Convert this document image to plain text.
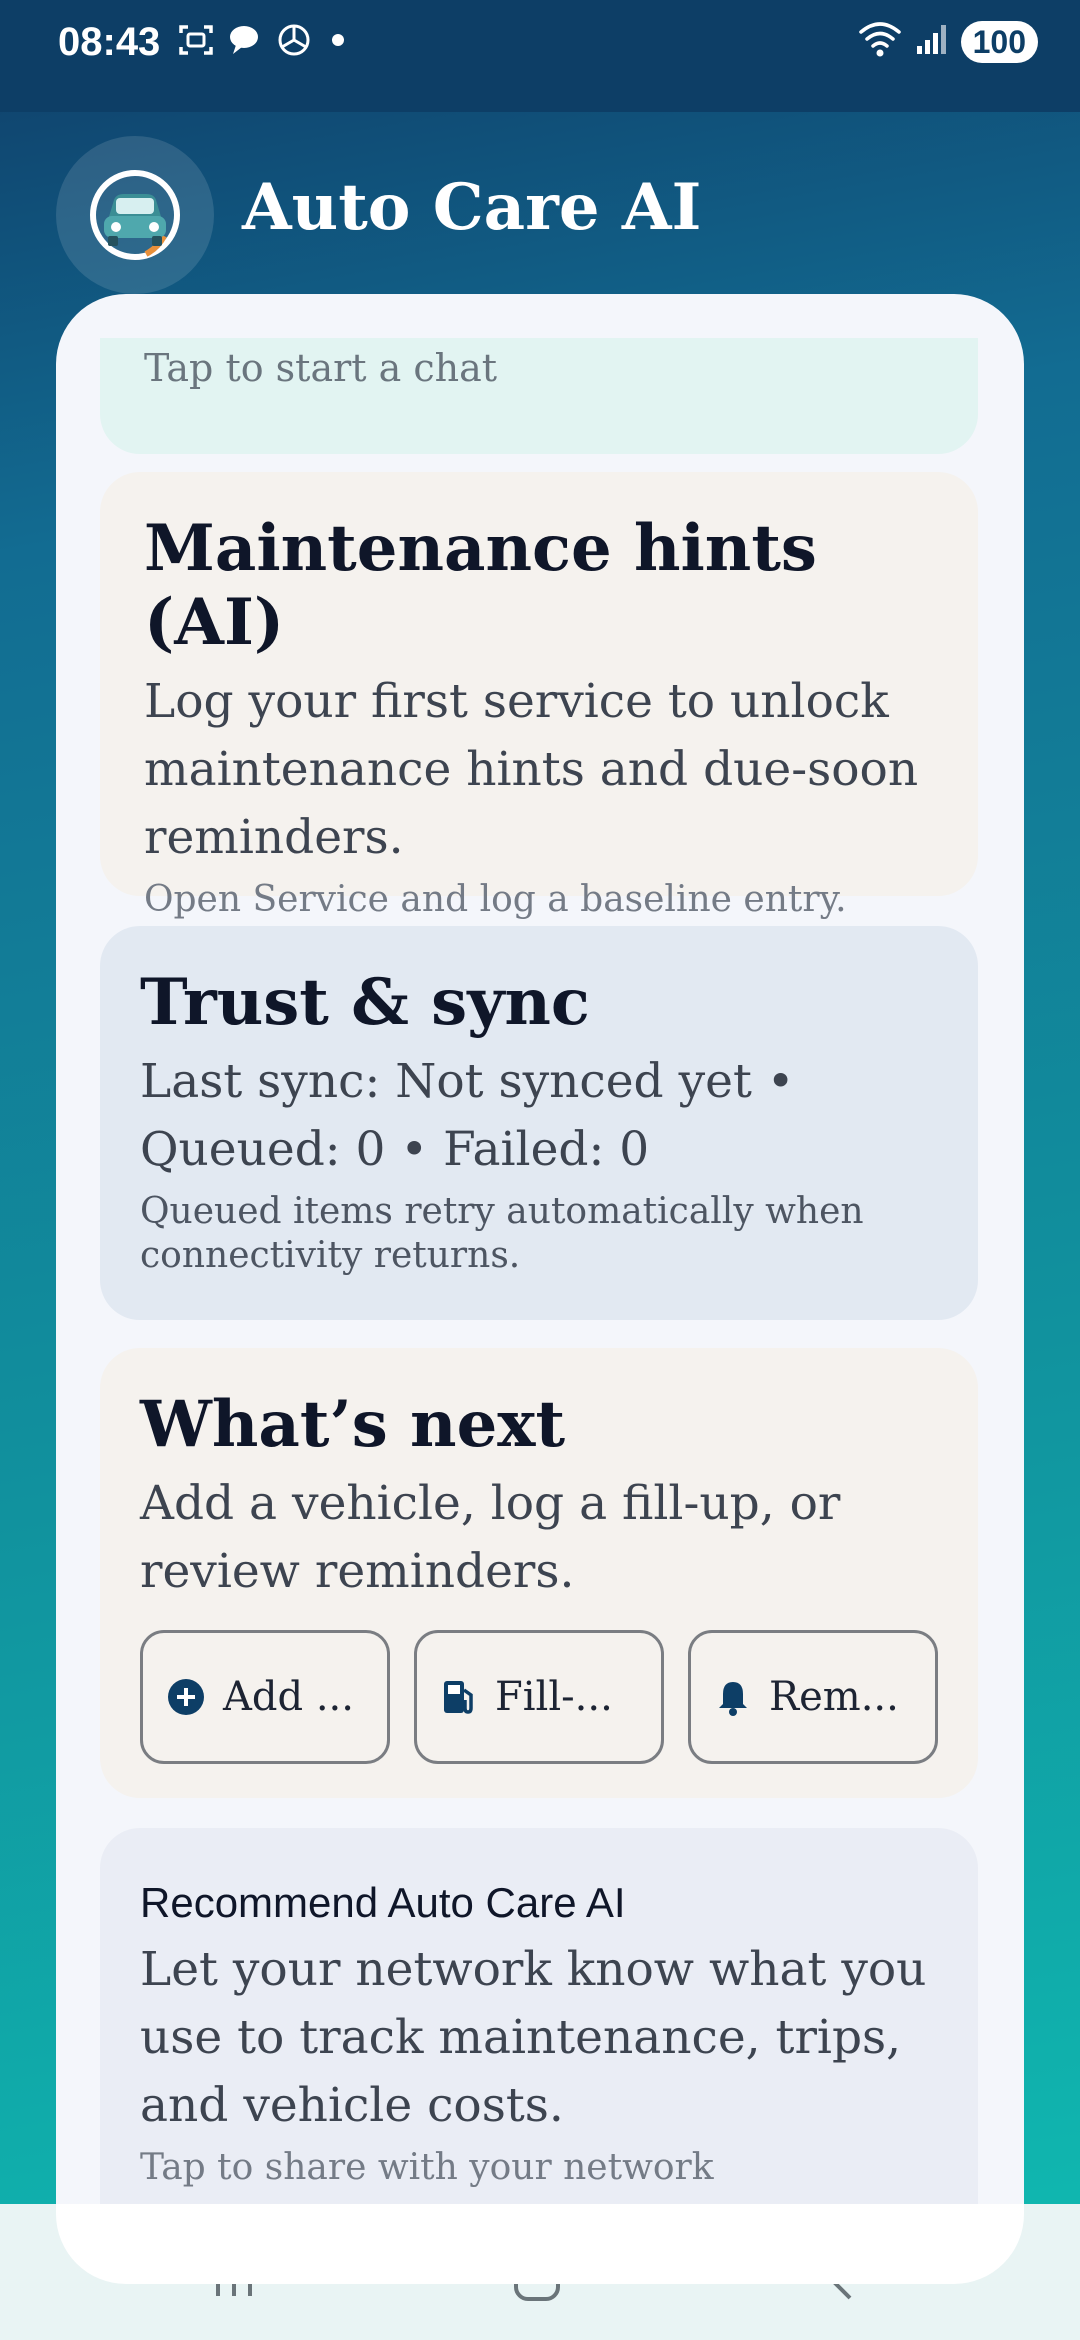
08:43	100
Auto Care AI
Tap to start a chat
Maintenance hints (AI)
Log your first service to unlock maintenance hints and due-soon reminders.
Open Service and log a baseline entry.
Trust & sync
Last sync: Not synced yet • Queued: 0 • Failed: 0
Queued items retry automatically when connectivity returns.
What’s next
Add a vehicle, log a fill-up, or review reminders.
Add ...	Fill-...	Rem...
Recommend Auto Care AI
Let your network know what you use to track maintenance, trips, and vehicle costs.
Tap to share with your network
